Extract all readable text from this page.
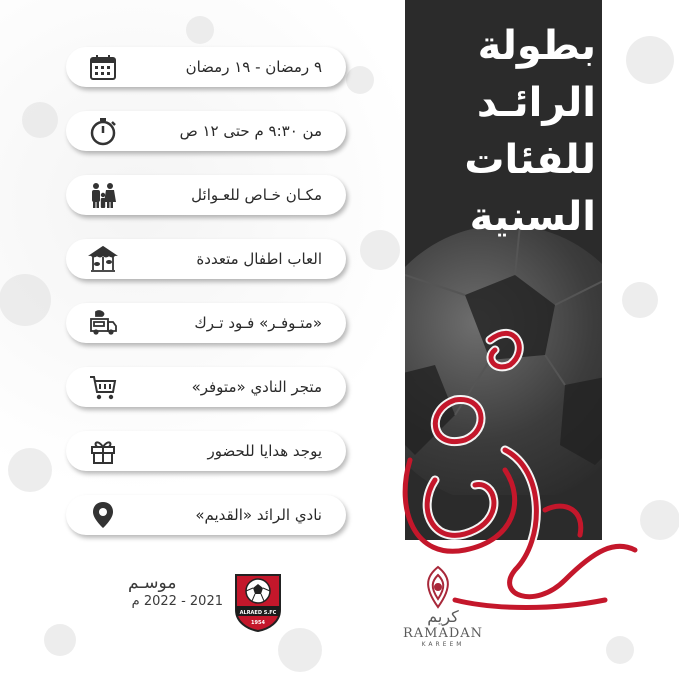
بطولة
الرائـد
للفئات
السنية
كريم
RAMADAN
KAREEM
٩ رمضان - ١٩ رمضان
من ٩:٣٠ م حتى ١٢ ص
مكـان خـاص للعـوائل
العاب اطفال متعددة
«متـوفـر» فـود تـرك
متجر النادي «متوفر»
يوجد هدايا للحضور
نادي الرائد «القديم»
موسـم
2021 - 2022 م
ALRAED S.FC
1954
